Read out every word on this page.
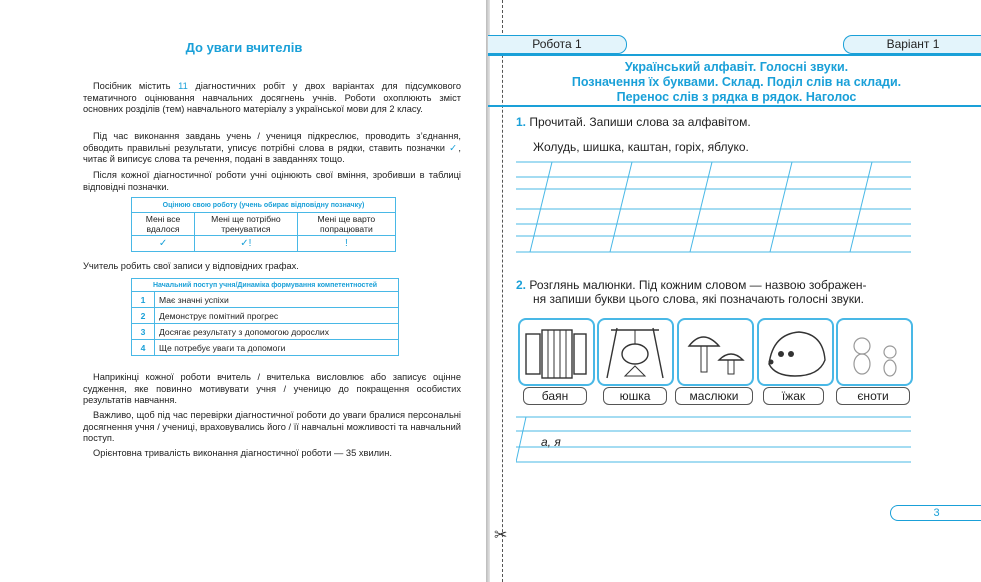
До уваги вчителів
Посібник містить 11 діагностичних робіт у двох варіантах для підсумкового тематичного оцінювання навчальних досягнень учнів. Роботи охоплюють зміст основних розділів (тем) навчального матеріалу з української мови для 2 класу.
Під час виконання завдань учень / учениця підкреслює, проводить з’єднання, обводить правильні результати, уписує потрібні слова в рядки, ставить позначки ✓, читає й виписує слова та речення, подані в завданнях тощо.
Після кожної діагностичної роботи учні оцінюють свої вміння, зробивши в таблиці відповідні позначки.
Оцінюю свою роботу (учень обирає відповідну позначку)		
Мені все вдалося	Мені ще потрібно тренуватися	Мені ще варто попрацювати
✓	✓!	!
Учитель робить свої записи у відповідних графах.
Начальний поступ учня/Динаміка формування компетентностей	
1	Має значні успіхи
2	Демонструє помітний прогрес
3	Досягає результату з допомогою дорослих
4	Ще потребує уваги та допомоги
Наприкінці кожної роботи вчитель / вчителька висловлює або записує оцінне судження, яке повинно мотивувати учня / ученицю до покращення особистих результатів навчання.
Важливо, щоб під час перевірки діагностичної роботи до уваги бралися персональні досягнення учня / учениці, враховувались його / її навчальні можливості та навчальний поступ.
Орієнтовна тривалість виконання діагностичної роботи — 35 хвилин.
✂
Робота 1	Варіант 1
Український алфавіт. Голосні звуки.
Позначення їх буквами. Склад. Поділ слів на склади.
Перенос слів з рядка в рядок. Наголос
1. Прочитай. Запиши слова за алфавітом.
Жолудь, шишка, каштан, горіх, яблуко.
2. Розглянь малюнки. Під кожним словом — назвою зображен-
ня запиши букви цього слова, які позначають голосні звуки.
баян	юшка	маслюки	їжак	єноти
а, я
3
